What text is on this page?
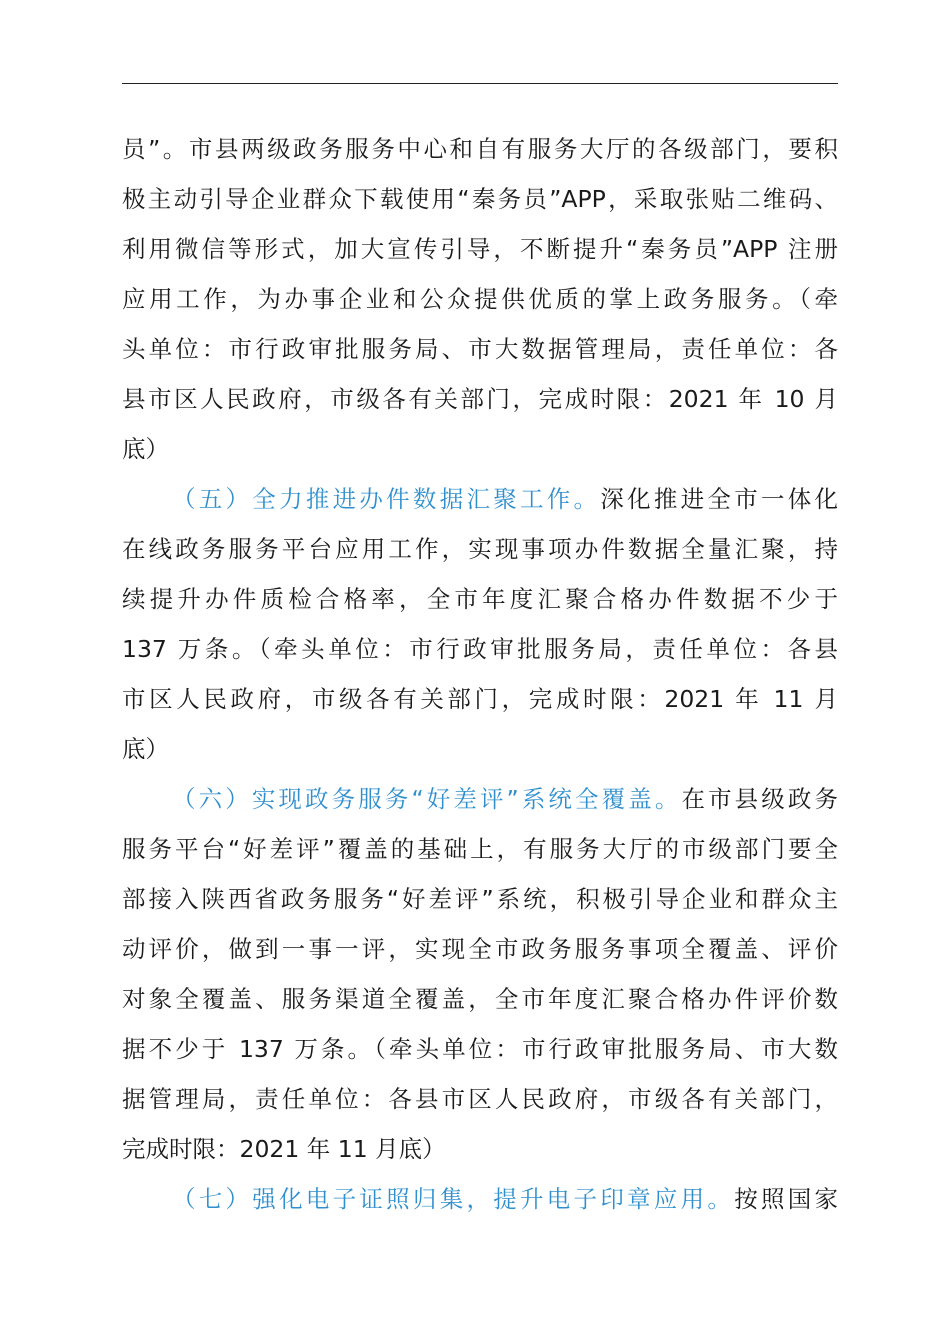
员”。市县两级政务服务中心和自有服务大厅的各级部门，要积
极主动引导企业群众下载使用“秦务员”APP，采取张贴二维码、
利用微信等形式，加大宣传引导，不断提升“秦务员”APP 注册
应用工作，为办事企业和公众提供优质的掌上政务服务。（牵
头单位：市行政审批服务局、市大数据管理局，责任单位：各
县市区人民政府，市级各有关部门，完成时限：2021 年 10 月
底）
（五）全力推进办件数据汇聚工作。深化推进全市一体化
在线政务服务平台应用工作，实现事项办件数据全量汇聚，持
续提升办件质检合格率，全市年度汇聚合格办件数据不少于
137 万条。（牵头单位：市行政审批服务局，责任单位：各县
市区人民政府，市级各有关部门，完成时限：2021 年 11 月
底）
（六）实现政务服务“好差评”系统全覆盖。在市县级政务
服务平台“好差评”覆盖的基础上，有服务大厅的市级部门要全
部接入陕西省政务服务“好差评”系统，积极引导企业和群众主
动评价，做到一事一评，实现全市政务服务事项全覆盖、评价
对象全覆盖、服务渠道全覆盖，全市年度汇聚合格办件评价数
据不少于 137 万条。（牵头单位：市行政审批服务局、市大数
据管理局，责任单位：各县市区人民政府，市级各有关部门，
完成时限：2021 年 11 月底）
（七）强化电子证照归集，提升电子印章应用。按照国家
